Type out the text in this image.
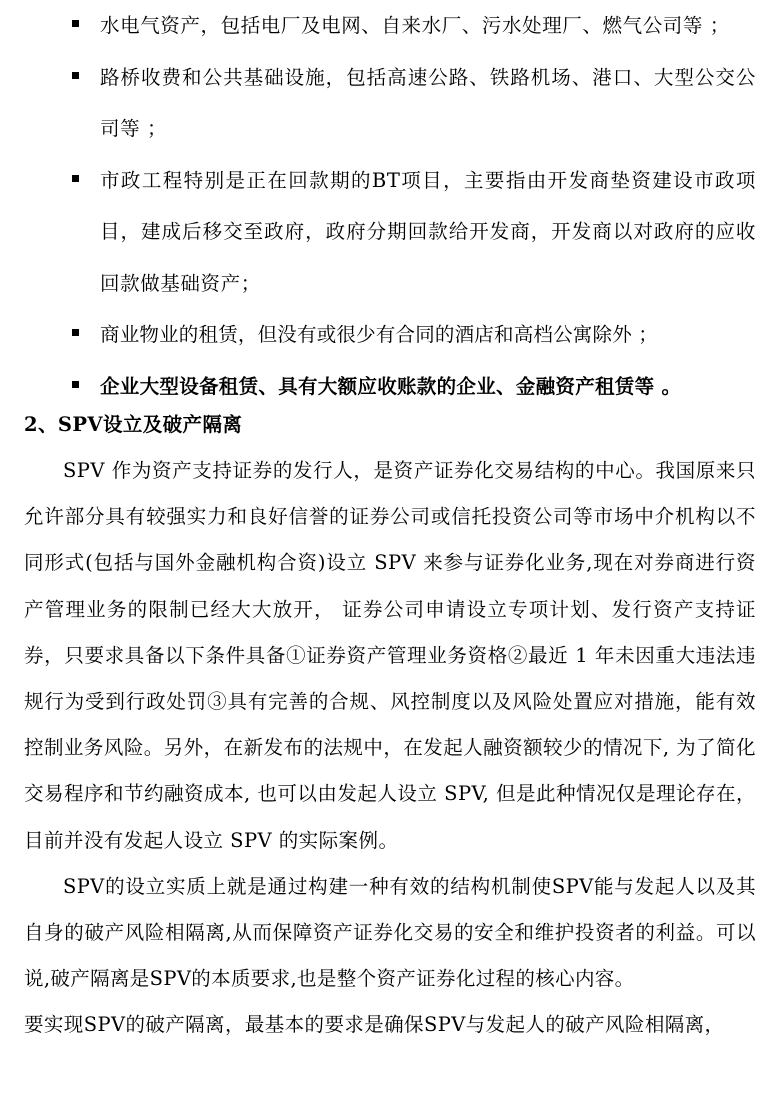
水电气资产，包括电厂及电网、自来水厂、污水处理厂、燃气公司等 ；
路桥收费和公共基础设施，包括高速公路、铁路机场、港口、大型公交公司等 ；
市政工程特别是正在回款期的BT项目，主要指由开发商垫资建设市政项目，建成后移交至政府，政府分期回款给开发商，开发商以对政府的应收回款做基础资产；
商业物业的租赁，但没有或很少有合同的酒店和高档公寓除外 ；
企业大型设备租赁、具有大额应收账款的企业、金融资产租赁等 。
2、SPV设立及破产隔离

SPV 作为资产支持证券的发行人，是资产证券化交易结构的中心。我国原来只允许部分具有较强实力和良好信誉的证券公司或信托投资公司等市场中介机构以不同形式(包括与国外金融机构合资)设立 SPV 来参与证券化业务,现在对券商进行资产管理业务的限制已经大大放开， 证券公司申请设立专项计划、发行资产支持证券，只要求具备以下条件具备①证券资产管理业务资格②最近 1 年未因重大违法违规行为受到行政处罚③具有完善的合规、风控制度以及风险处置应对措施，能有效控制业务风险。另外，在新发布的法规中，在发起人融资额较少的情况下, 为了简化交易程序和节约融资成本, 也可以由发起人设立 SPV, 但是此种情况仅是理论存在，目前并没有发起人设立 SPV 的实际案例。

SPV的设立实质上就是通过构建一种有效的结构机制使SPV能与发起人以及其自身的破产风险相隔离,从而保障资产证券化交易的安全和维护投资者的利益。可以说,破产隔离是SPV的本质要求,也是整个资产证券化过程的核心内容。

要实现SPV的破产隔离，最基本的要求是确保SPV与发起人的破产风险相隔离，
